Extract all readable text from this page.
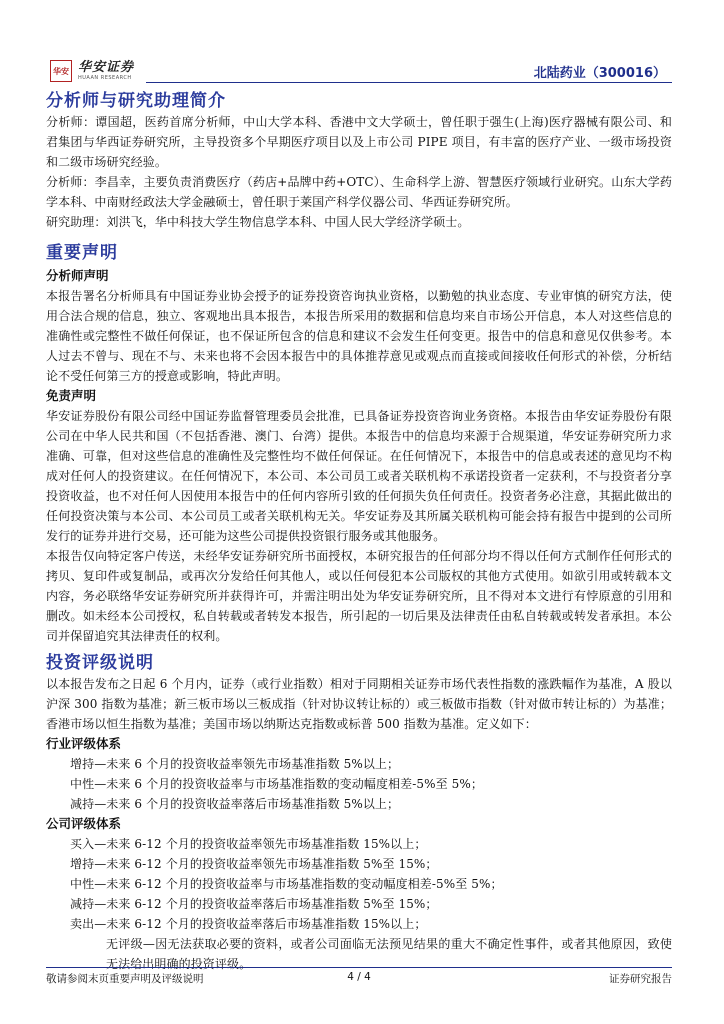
华安 华安证券
HUAAN RESEARCH	北陆药业（300016）
分析师与研究助理简介

分析师：谭国超，医药首席分析师，中山大学本科、香港中文大学硕士，曾任职于强生(上海)医疗器械有限公司、和君集团与华西证券研究所，主导投资多个早期医疗项目以及上市公司 PIPE 项目，有丰富的医疗产业、一级市场投资和二级市场研究经验。

分析师：李昌幸，主要负责消费医疗（药店+品牌中药+OTC）、生命科学上游、智慧医疗领域行业研究。山东大学药学本科、中南财经政法大学金融硕士，曾任职于莱国产科学仪器公司、华西证券研究所。

研究助理：刘洪飞，华中科技大学生物信息学本科、中国人民大学经济学硕士。

重要声明
分析师声明

本报告署名分析师具有中国证券业协会授予的证券投资咨询执业资格，以勤勉的执业态度、专业审慎的研究方法，使用合法合规的信息，独立、客观地出具本报告，本报告所采用的数据和信息均来自市场公开信息，本人对这些信息的准确性或完整性不做任何保证，也不保证所包含的信息和建议不会发生任何变更。报告中的信息和意见仅供参考。本人过去不曾与、现在不与、未来也将不会因本报告中的具体推荐意见或观点而直接或间接收任何形式的补偿，分析结论不受任何第三方的授意或影响，特此声明。

免责声明

华安证券股份有限公司经中国证券监督管理委员会批准，已具备证券投资咨询业务资格。本报告由华安证券股份有限公司在中华人民共和国（不包括香港、澳门、台湾）提供。本报告中的信息均来源于合规渠道，华安证券研究所力求准确、可靠，但对这些信息的准确性及完整性均不做任何保证。在任何情况下，本报告中的信息或表述的意见均不构成对任何人的投资建议。在任何情况下，本公司、本公司员工或者关联机构不承诺投资者一定获利，不与投资者分享投资收益，也不对任何人因使用本报告中的任何内容所引致的任何损失负任何责任。投资者务必注意，其据此做出的任何投资决策与本公司、本公司员工或者关联机构无关。华安证券及其所属关联机构可能会持有报告中提到的公司所发行的证券并进行交易，还可能为这些公司提供投资银行服务或其他服务。

本报告仅向特定客户传送，未经华安证券研究所书面授权，本研究报告的任何部分均不得以任何方式制作任何形式的拷贝、复印件或复制品，或再次分发给任何其他人，或以任何侵犯本公司版权的其他方式使用。如欲引用或转载本文内容，务必联络华安证券研究所并获得许可，并需注明出处为华安证券研究所，且不得对本文进行有悖原意的引用和删改。如未经本公司授权，私自转载或者转发本报告，所引起的一切后果及法律责任由私自转载或转发者承担。本公司并保留追究其法律责任的权利。

投资评级说明

以本报告发布之日起 6 个月内，证券（或行业指数）相对于同期相关证券市场代表性指数的涨跌幅作为基准，A 股以沪深 300 指数为基准；新三板市场以三板成指（针对协议转让标的）或三板做市指数（针对做市转让标的）为基准；香港市场以恒生指数为基准；美国市场以纳斯达克指数或标普 500 指数为基准。定义如下：

行业评级体系

增持—未来 6 个月的投资收益率领先市场基准指数 5%以上；

中性—未来 6 个月的投资收益率与市场基准指数的变动幅度相差-5%至 5%；

减持—未来 6 个月的投资收益率落后市场基准指数 5%以上；

公司评级体系

买入—未来 6-12 个月的投资收益率领先市场基准指数 15%以上；

增持—未来 6-12 个月的投资收益率领先市场基准指数 5%至 15%；

中性—未来 6-12 个月的投资收益率与市场基准指数的变动幅度相差-5%至 5%；

减持—未来 6-12 个月的投资收益率落后市场基准指数 5%至 15%；

卖出—未来 6-12 个月的投资收益率落后市场基准指数 15%以上；

无评级—因无法获取必要的资料，或者公司面临无法预见结果的重大不确定性事件，或者其他原因，致使无法给出明确的投资评级。

敬请参阅末页重要声明及评级说明	4 / 4	证券研究报告
